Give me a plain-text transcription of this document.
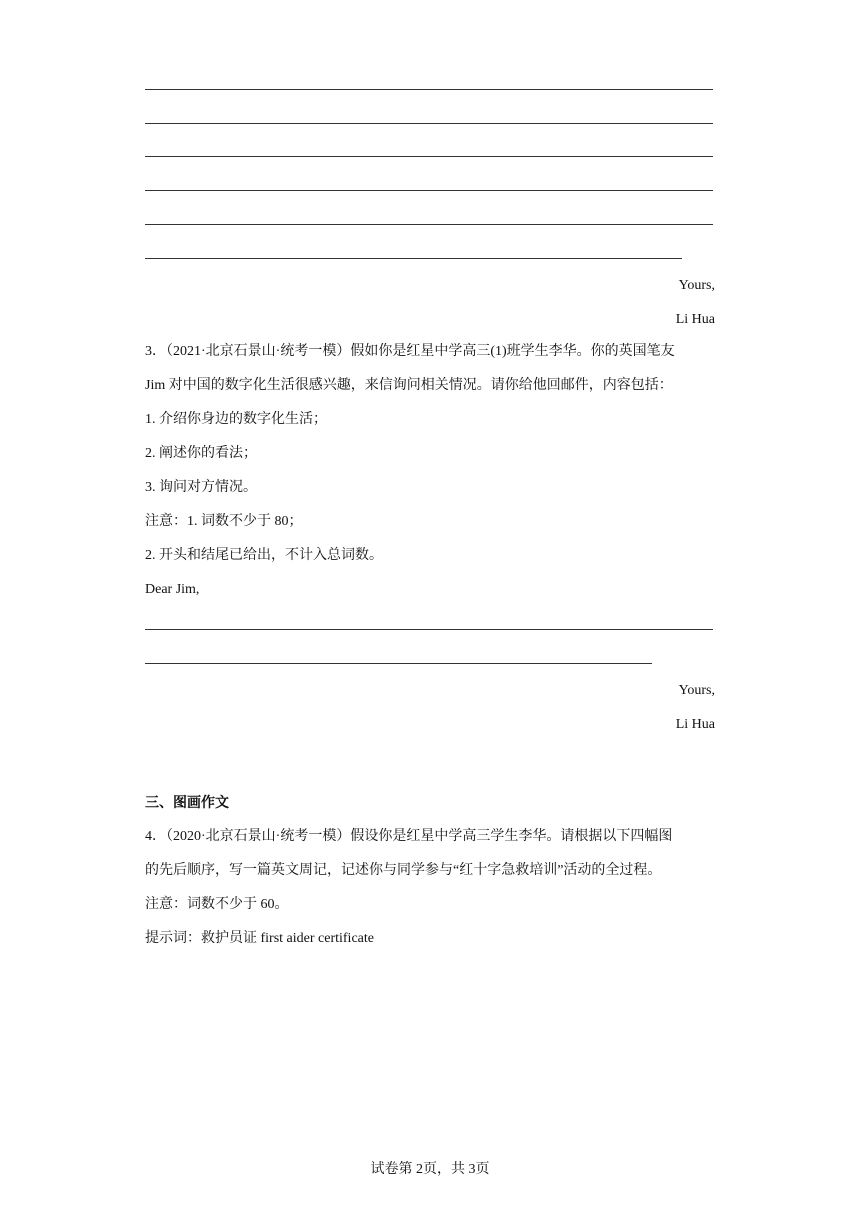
Yours,
Li Hua
3．（2021·北京石景山·统考一模）假如你是红星中学高三(1)班学生李华。你的英国笔友
Jim 对中国的数字化生活很感兴趣，来信询问相关情况。请你给他回邮件，内容包括：
1. 介绍你身边的数字化生活；
2. 阐述你的看法；
3. 询问对方情况。
注意：1. 词数不少于 80；
2. 开头和结尾已给出，不计入总词数。
Dear Jim,
Yours,
Li Hua
三、图画作文
4．（2020·北京石景山·统考一模）假设你是红星中学高三学生李华。请根据以下四幅图
的先后顺序，写一篇英文周记，记述你与同学参与“红十字急救培训”活动的全过程。
注意：词数不少于 60。
提示词：救护员证 first aider certificate
试卷第 2页，共 3页
